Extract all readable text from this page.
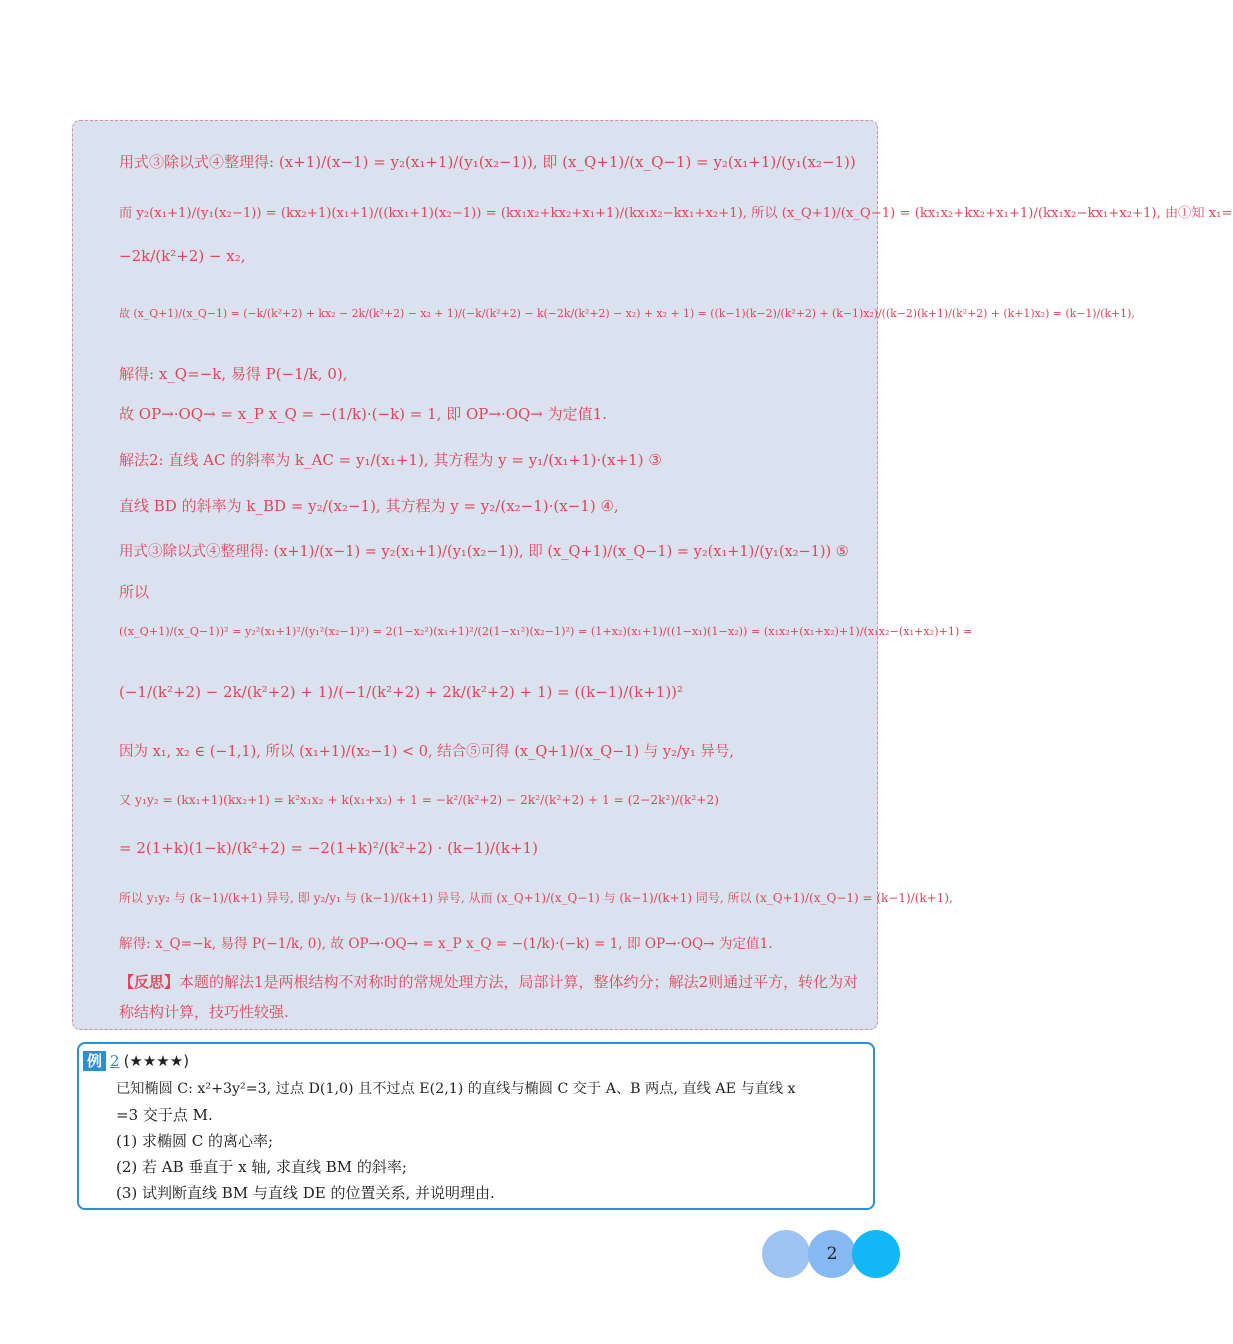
用式③除以式④整理得: (x+1)/(x−1) = y₂(x₁+1)/(y₁(x₂−1)), 即 (x_Q+1)/(x_Q−1) = y₂(x₁+1)/(y₁(x₂−1))
而 y₂(x₁+1)/(y₁(x₂−1)) = (kx₂+1)(x₁+1)/((kx₁+1)(x₂−1)) = (kx₁x₂+kx₂+x₁+1)/(kx₁x₂−kx₁+x₂+1), 所以 (x_Q+1)/(x_Q−1) = (kx₁x₂+kx₂+x₁+1)/(kx₁x₂−kx₁+x₂+1), 由①知 x₁=
−2k/(k²+2) − x₂,
故 (x_Q+1)/(x_Q−1) = (−k/(k²+2) + kx₂ − 2k/(k²+2) − x₂ + 1)/(−k/(k²+2) − k(−2k/(k²+2) − x₂) + x₂ + 1) = ((k−1)(k−2)/(k²+2) + (k−1)x₂)/((k−2)(k+1)/(k²+2) + (k+1)x₂) = (k−1)/(k+1),
解得: x_Q=−k, 易得 P(−1/k, 0),
故 OP→·OQ→ = x_P x_Q = −(1/k)·(−k) = 1, 即 OP→·OQ→ 为定值1.
解法2: 直线 AC 的斜率为 k_AC = y₁/(x₁+1), 其方程为 y = y₁/(x₁+1)·(x+1) ③
直线 BD 的斜率为 k_BD = y₂/(x₂−1), 其方程为 y = y₂/(x₂−1)·(x−1) ④,
用式③除以式④整理得: (x+1)/(x−1) = y₂(x₁+1)/(y₁(x₂−1)), 即 (x_Q+1)/(x_Q−1) = y₂(x₁+1)/(y₁(x₂−1)) ⑤
所以
((x_Q+1)/(x_Q−1))² = y₂²(x₁+1)²/(y₁²(x₂−1)²) = 2(1−x₂²)(x₁+1)²/(2(1−x₁²)(x₂−1)²) = (1+x₂)(x₁+1)/((1−x₁)(1−x₂)) = (x₁x₂+(x₁+x₂)+1)/(x₁x₂−(x₁+x₂)+1) =
(−1/(k²+2) − 2k/(k²+2) + 1)/(−1/(k²+2) + 2k/(k²+2) + 1) = ((k−1)/(k+1))²
因为 x₁, x₂ ∈ (−1,1), 所以 (x₁+1)/(x₂−1) < 0, 结合⑤可得 (x_Q+1)/(x_Q−1) 与 y₂/y₁ 异号,
又 y₁y₂ = (kx₁+1)(kx₂+1) = k²x₁x₂ + k(x₁+x₂) + 1 = −k²/(k²+2) − 2k²/(k²+2) + 1 = (2−2k²)/(k²+2)
= 2(1+k)(1−k)/(k²+2) = −2(1+k)²/(k²+2) · (k−1)/(k+1)
所以 y₁y₂ 与 (k−1)/(k+1) 异号, 即 y₂/y₁ 与 (k−1)/(k+1) 异号, 从而 (x_Q+1)/(x_Q−1) 与 (k−1)/(k+1) 同号, 所以 (x_Q+1)/(x_Q−1) = (k−1)/(k+1),
解得: x_Q=−k, 易得 P(−1/k, 0), 故 OP→·OQ→ = x_P x_Q = −(1/k)·(−k) = 1, 即 OP→·OQ→ 为定值1.
【反思】本题的解法1是两根结构不对称时的常规处理方法，局部计算，整体约分；解法2则通过平方，转化为对称结构计算，技巧性较强.
例 2 (★★★★)
已知椭圆 C: x²+3y²=3, 过点 D(1,0) 且不过点 E(2,1) 的直线与椭圆 C 交于 A、B 两点, 直线 AE 与直线 x
=3 交于点 M.
(1) 求椭圆 C 的离心率;
(2) 若 AB 垂直于 x 轴, 求直线 BM 的斜率;
(3) 试判断直线 BM 与直线 DE 的位置关系, 并说明理由.
2
